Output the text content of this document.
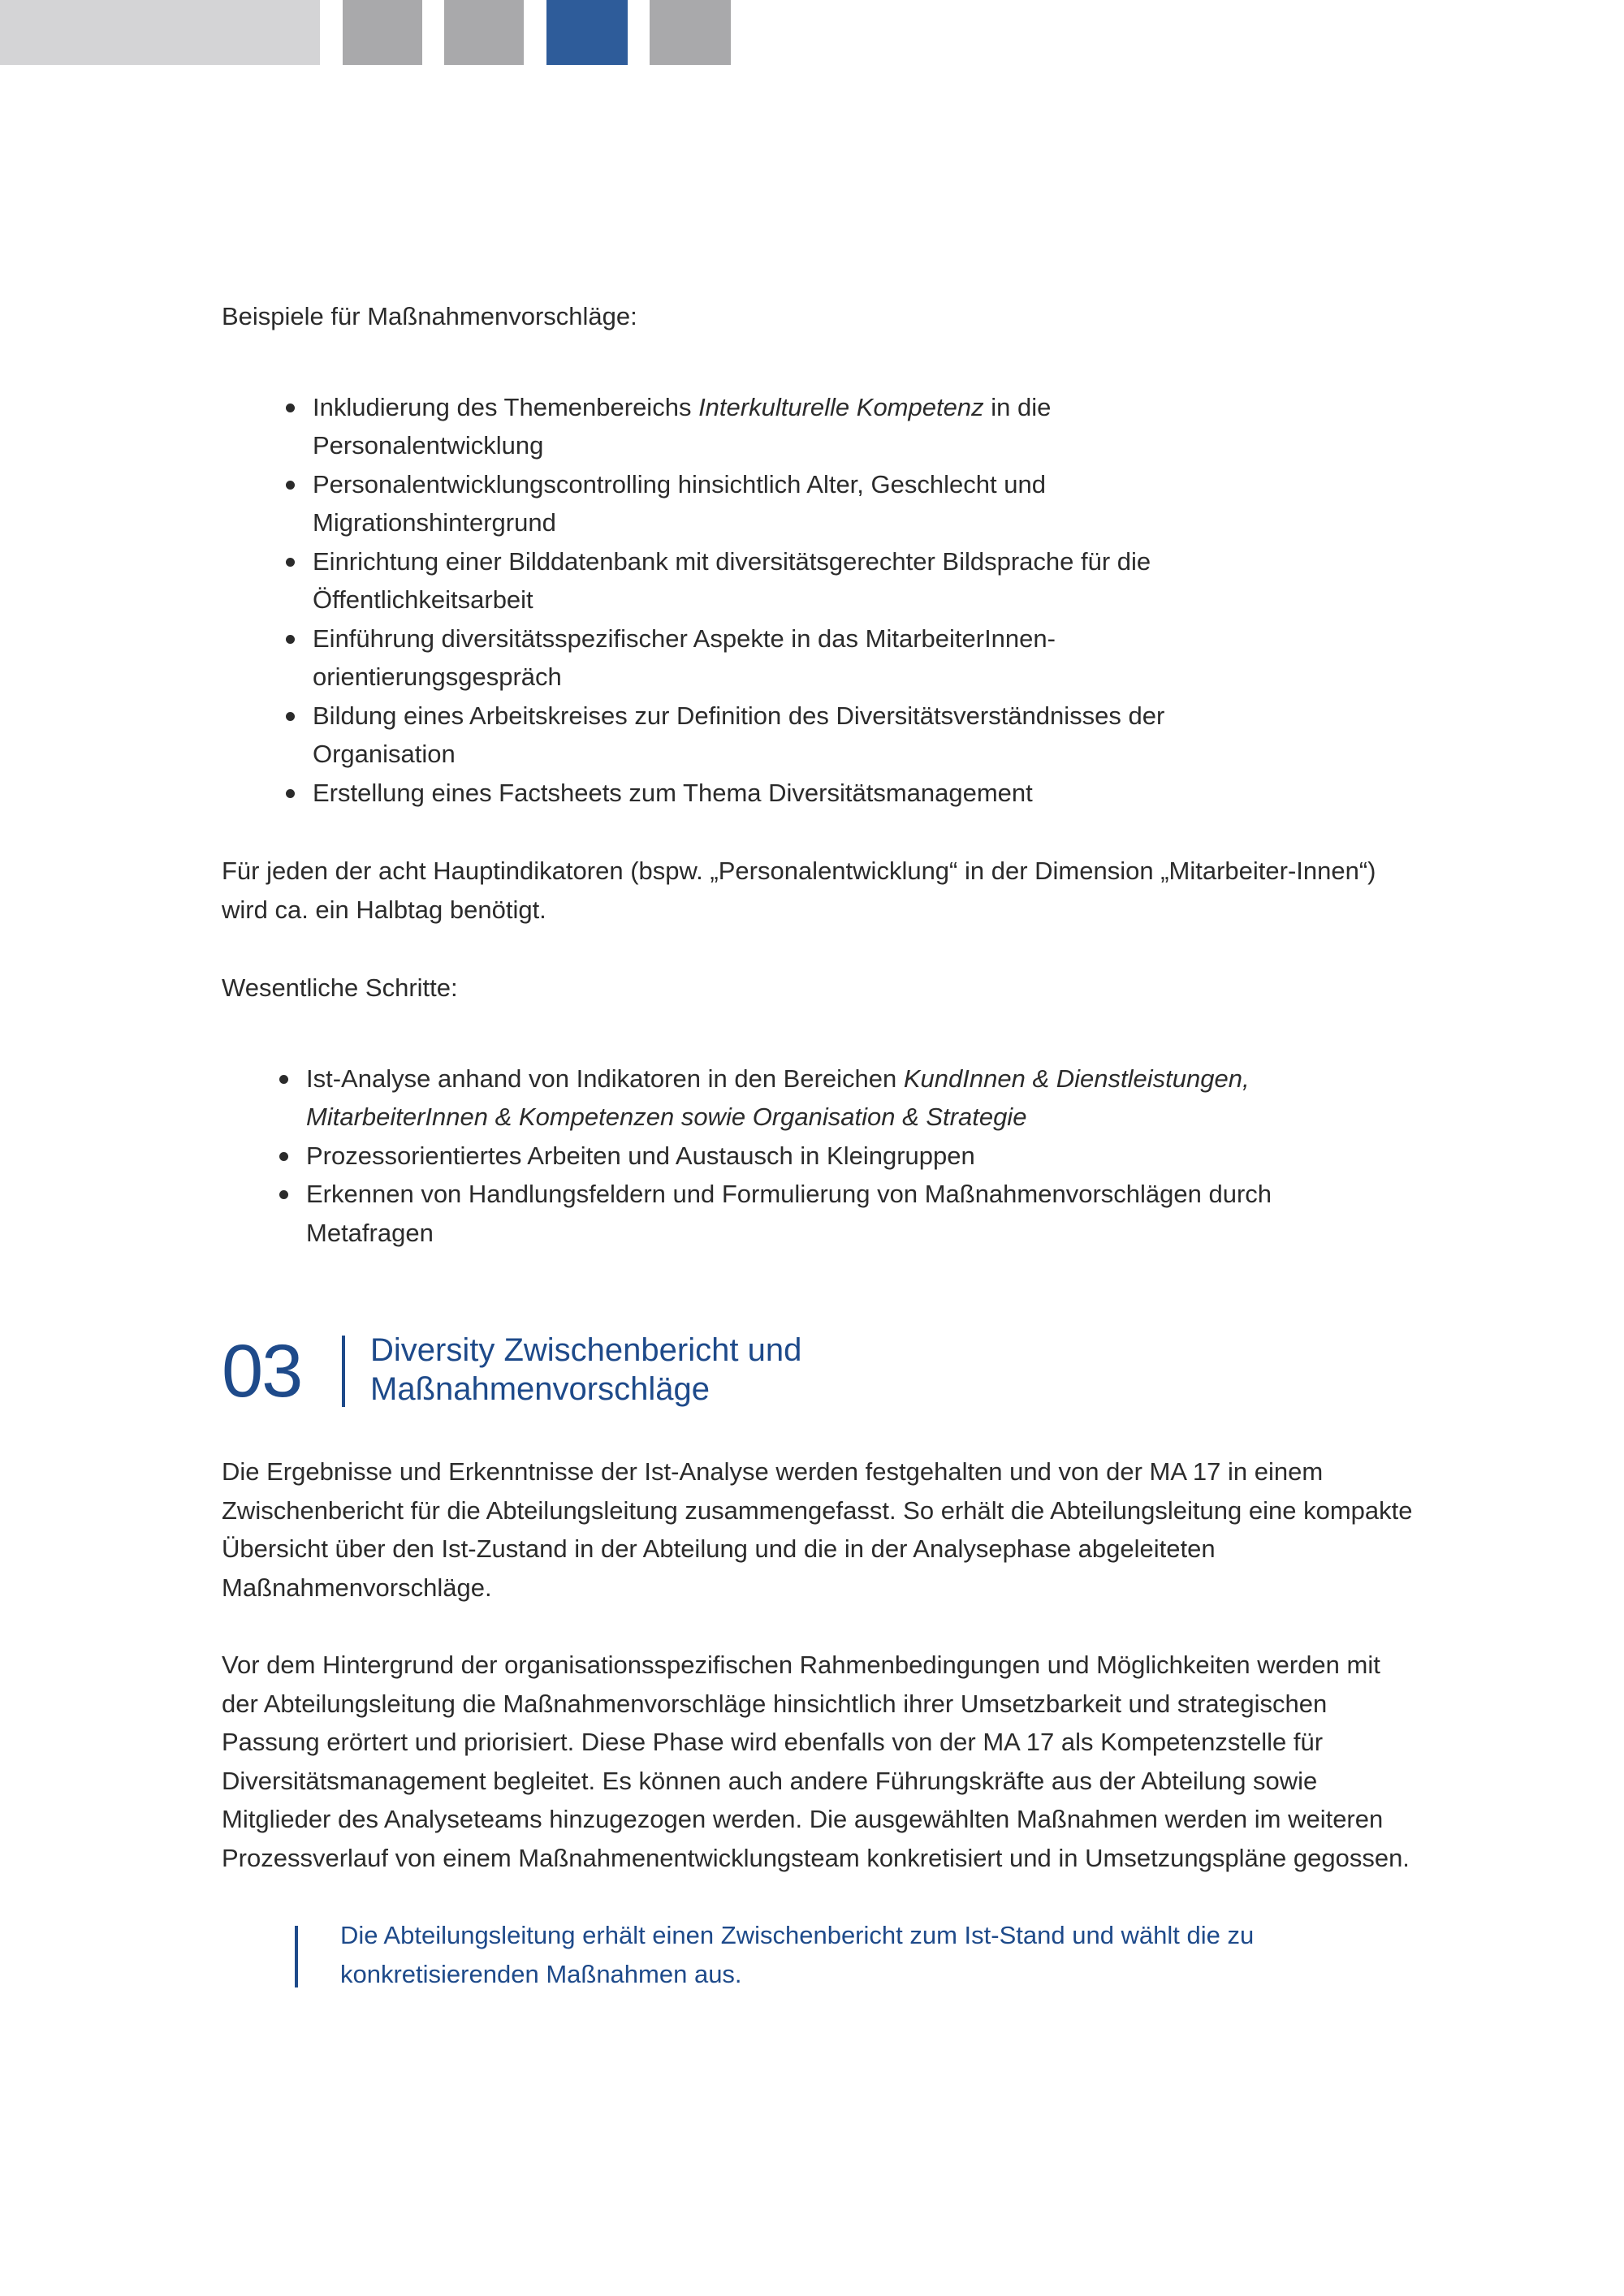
Beispiele für Maßnahmenvorschläge:

Inkludierung des Themenbereichs Interkulturelle Kompetenz in die Personalentwicklung
Personalentwicklungscontrolling hinsichtlich Alter, Geschlecht und Migrationshintergrund
Einrichtung einer Bilddatenbank mit diversitätsgerechter Bildsprache für die Öffentlichkeitsarbeit
Einführung diversitätsspezifischer Aspekte in das MitarbeiterInnen-orientierungsgespräch
Bildung eines Arbeitskreises zur Definition des Diversitätsverständnisses der Organisation
Erstellung eines Factsheets zum Thema Diversitätsmanagement

Für jeden der acht Hauptindikatoren (bspw. „Personalentwicklung“ in der Dimension „Mitarbeiter-Innen“) wird ca. ein Halbtag benötigt.

Wesentliche Schritte:

Ist-Analyse anhand von Indikatoren in den Bereichen KundInnen & Dienstleistungen, MitarbeiterInnen & Kompetenzen sowie Organisation & Strategie
Prozessorientiertes Arbeiten und Austausch in Kleingruppen
Erkennen von Handlungsfeldern und Formulierung von Maßnahmenvorschlägen durch Metafragen
03 Diversity Zwischenbericht und Maßnahmenvorschläge

Die Ergebnisse und Erkenntnisse der Ist-Analyse werden festgehalten und von der MA 17 in einem Zwischenbericht für die Abteilungsleitung zusammengefasst. So erhält die Abteilungsleitung eine kompakte Übersicht über den Ist-Zustand in der Abteilung und die in der Analysephase abgeleiteten Maßnahmenvorschläge.

Vor dem Hintergrund der organisationsspezifischen Rahmenbedingungen und Möglichkeiten werden mit der Abteilungsleitung die Maßnahmenvorschläge hinsichtlich ihrer Umsetzbarkeit und strategischen Passung erörtert und priorisiert. Diese Phase wird ebenfalls von der MA 17 als Kompetenzstelle für Diversitätsmanagement begleitet. Es können auch andere Führungskräfte aus der Abteilung sowie Mitglieder des Analyseteams hinzugezogen werden. Die ausgewählten Maßnahmen werden im weiteren Prozessverlauf von einem Maßnahmenentwicklungsteam konkretisiert und in Umsetzungspläne gegossen.

Die Abteilungsleitung erhält einen Zwischenbericht zum Ist-Stand und wählt die zu konkretisierenden Maßnahmen aus.
